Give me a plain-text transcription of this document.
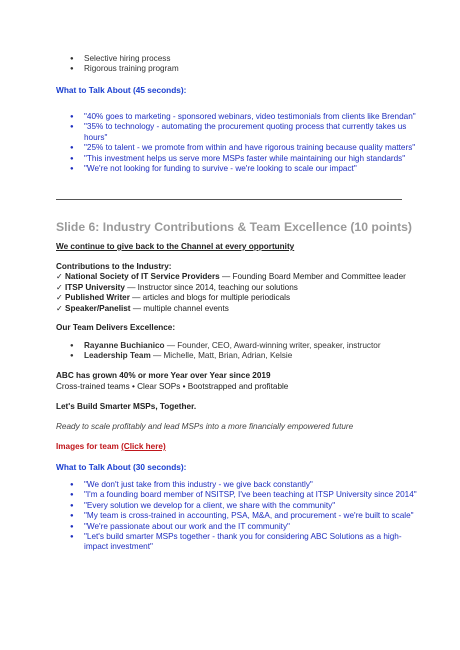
● Selective hiring process
● Rigorous training program
What to Talk About (45 seconds):
● "40% goes to marketing - sponsored webinars, video testimonials from clients like Brendan"
● "35% to technology - automating the procurement quoting process that currently takes us hours"
● "25% to talent - we promote from within and have rigorous training because quality matters"
● "This investment helps us serve more MSPs faster while maintaining our high standards"
● "We're not looking for funding to survive - we're looking to scale our impact"
Slide 6: Industry Contributions & Team Excellence (10 points)
We continue to give back to the Channel at every opportunity
Contributions to the Industry:
✓ National Society of IT Service Providers — Founding Board Member and Committee leader
✓ ITSP University — Instructor since 2014, teaching our solutions
✓ Published Writer — articles and blogs for multiple periodicals
✓ Speaker/Panelist — multiple channel events
Our Team Delivers Excellence:
● Rayanne Buchianico — Founder, CEO, Award-winning writer, speaker, instructor
● Leadership Team — Michelle, Matt, Brian, Adrian, Kelsie
ABC has grown 40% or more Year over Year since 2019
Cross-trained teams • Clear SOPs • Bootstrapped and profitable
Let's Build Smarter MSPs, Together.
Ready to scale profitably and lead MSPs into a more financially empowered future
Images for team (Click here)
What to Talk About (30 seconds):
● "We don't just take from this industry - we give back constantly"
● "I'm a founding board member of NSITSP, I've been teaching at ITSP University since 2014"
● "Every solution we develop for a client, we share with the community"
● "My team is cross-trained in accounting, PSA, M&A, and procurement - we're built to scale"
● "We're passionate about our work and the IT community"
● "Let's build smarter MSPs together - thank you for considering ABC Solutions as a high-impact investment"
